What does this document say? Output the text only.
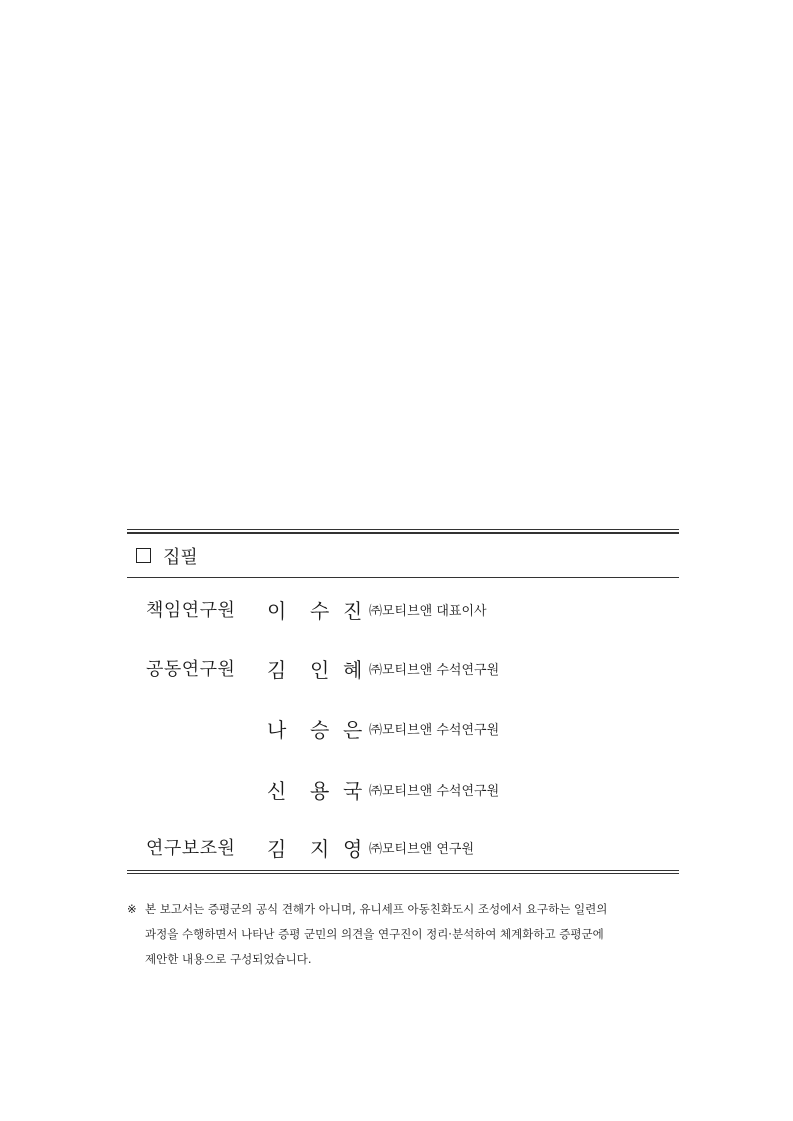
집필
책임연구원 이 수 진 ㈜모티브앤 대표이사
공동연구원 김 인 혜 ㈜모티브앤 수석연구원
나 승 은 ㈜모티브앤 수석연구원
신 용 국 ㈜모티브앤 수석연구원
연구보조원 김 지 영 ㈜모티브앤 연구원
※ 본 보고서는 증평군의 공식 견해가 아니며, 유니세프 아동친화도시 조성에서 요구하는 일련의
과정을 수행하면서 나타난 증평 군민의 의견을 연구진이 정리·분석하여 체계화하고 증평군에
제안한 내용으로 구성되었습니다.
